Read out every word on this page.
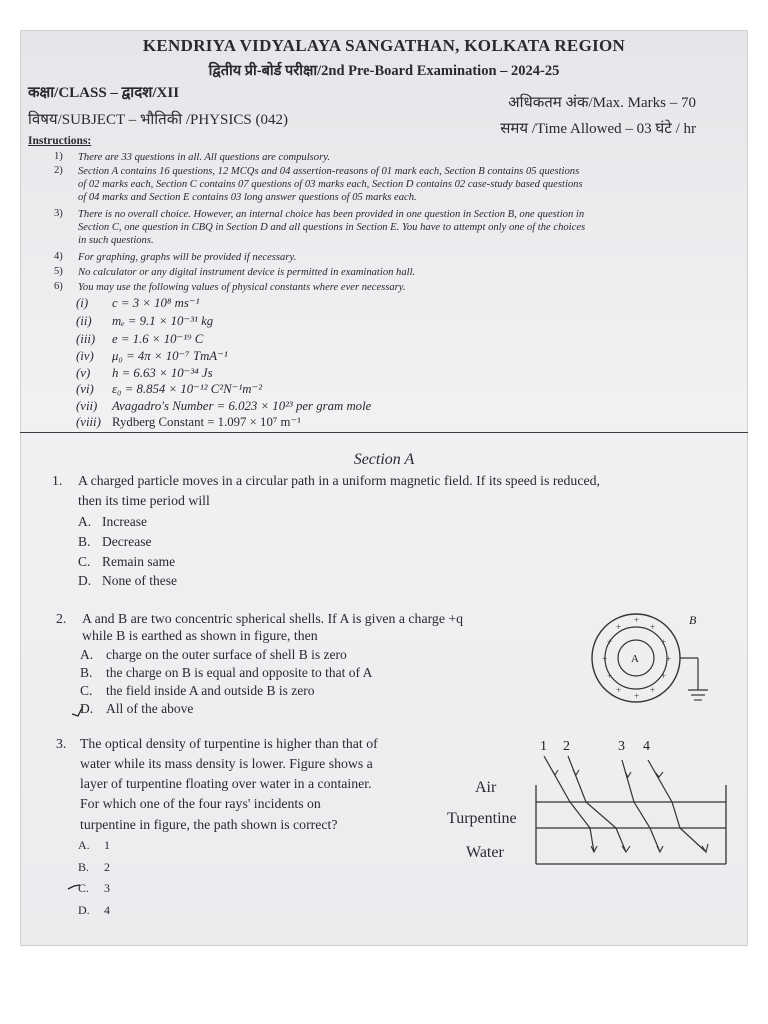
KENDRIYA VIDYALAYA SANGATHAN, KOLKATA REGION
द्वितीय प्री-बोर्ड परीक्षा/2nd Pre-Board Examination – 2024-25
कक्षा/CLASS – द्वादश/XII
अधिकतम अंक/Max. Marks – 70
विषय/SUBJECT – भौतिकी /PHYSICS (042)
समय /Time Allowed – 03 घंटे / hr
Instructions:
1) There are 33 questions in all. All questions are compulsory.
2) Section A contains 16 questions, 12 MCQs and 04 assertion-reasons of 01 mark each, Section B contains 05 questions
of 02 marks each, Section C contains 07 questions of 03 marks each, Section D contains 02 case-study based questions
of 04 marks and Section E contains 03 long answer questions of 05 marks each.
3) There is no overall choice. However, an internal choice has been provided in one question in Section B, one question in
Section C, one question in CBQ in Section D and all questions in Section E. You have to attempt only one of the choices
in such questions.
4) For graphing, graphs will be provided if necessary.
5) No calculator or any digital instrument device is permitted in examination hall.
6) You may use the following values of physical constants where ever necessary.
(i) c = 3 × 10⁸ ms⁻¹
(ii) mₑ = 9.1 × 10⁻³¹ kg
(iii) e = 1.6 × 10⁻¹⁹ C
(iv) μ₀ = 4π × 10⁻⁷ TmA⁻¹
(v) h = 6.63 × 10⁻³⁴ Js
(vi) ε₀ = 8.854 × 10⁻¹² C²N⁻¹m⁻²
(vii) Avagadro's Number = 6.023 × 10²³ per gram mole
(viii) Rydberg Constant = 1.097 × 10⁷ m⁻¹
Section A
1. A charged particle moves in a circular path in a uniform magnetic field. If its speed is reduced,
then its time period will
A. Increase
B. Decrease
C. Remain same
D. None of these
2. A and B are two concentric spherical shells. If A is given a charge +q
while B is earthed as shown in figure, then
A. charge on the outer surface of shell B is zero
B. the charge on B is equal and opposite to that of A
C. the field inside A and outside B is zero
D. All of the above
+
+	+
+	+
+	+
+	+
+	+
+
A
B
3. The optical density of turpentine is higher than that of
water while its mass density is lower. Figure shows a
layer of turpentine floating over water in a container.
For which one of the four rays' incidents on
turpentine in figure, the path shown is correct?
A. 1
B. 2
C. 3
D. 4
Air
Turpentine
Water
1 2	3 4
